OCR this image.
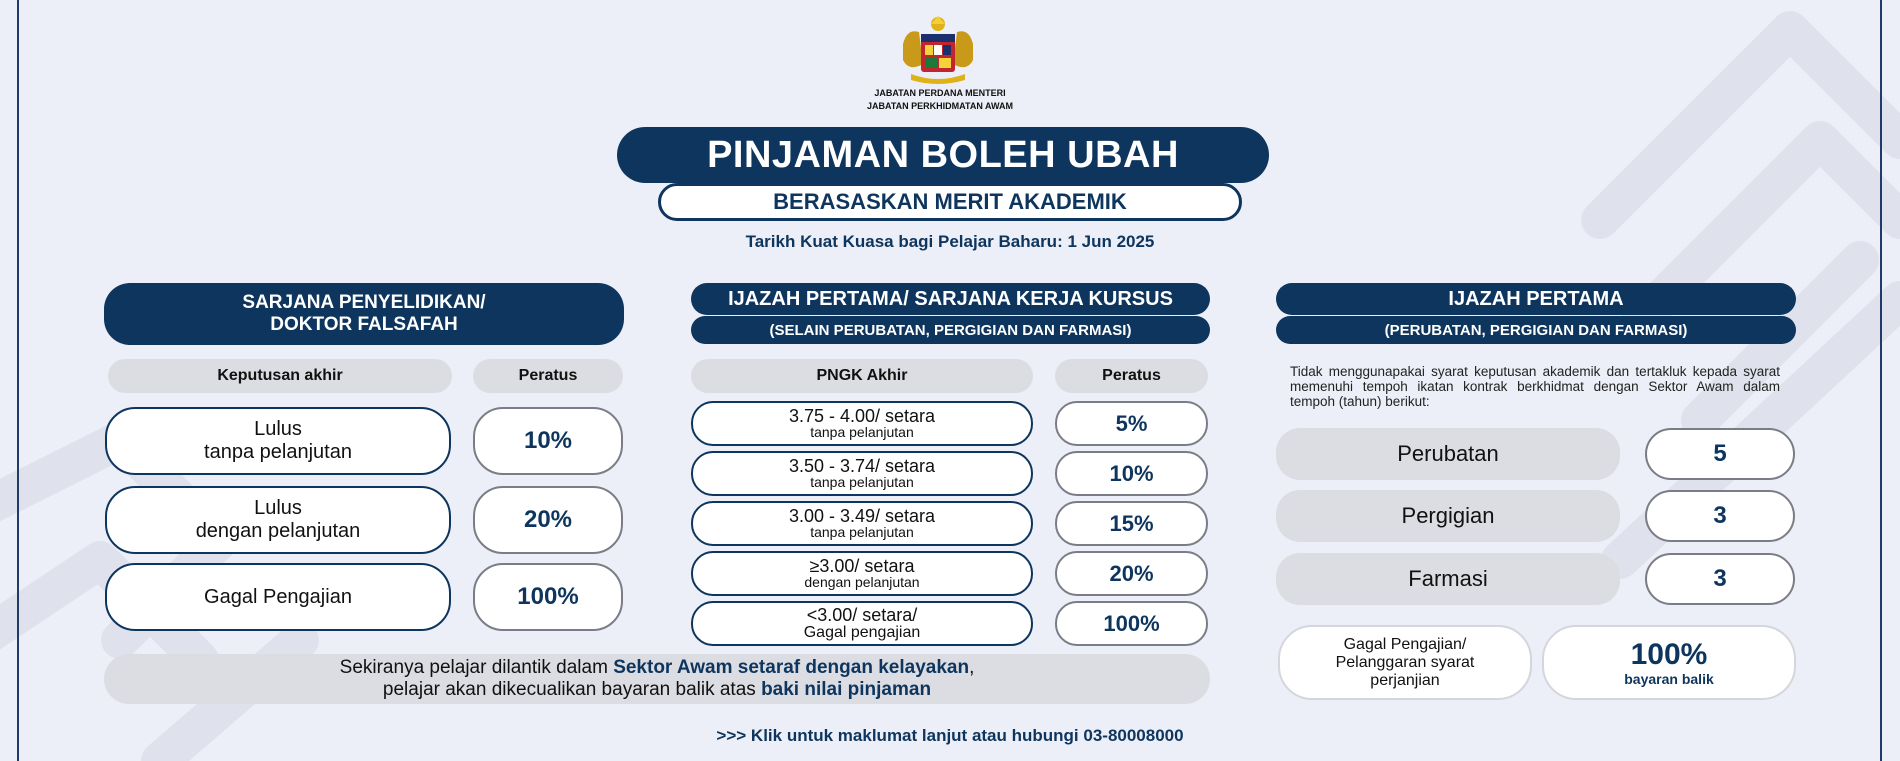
JABATAN PERDANA MENTERI
JABATAN PERKHIDMATAN AWAM
PINJAMAN BOLEH UBAH
BERASASKAN MERIT AKADEMIK
Tarikh Kuat Kuasa bagi Pelajar Baharu: 1 Jun 2025
SARJANA PENYELIDIKAN/
DOKTOR FALSAFAH
Keputusan akhir	Peratus
Lulus
tanpa pelanjutan	10%
Lulus
dengan pelanjutan	20%
Gagal Pengajian	100%
IJAZAH PERTAMA/ SARJANA KERJA KURSUS
(SELAIN PERUBATAN, PERGIGIAN DAN FARMASI)
PNGK Akhir	Peratus
3.75 - 4.00/ setara
tanpa pelanjutan	5%
3.50 - 3.74/ setara
tanpa pelanjutan	10%
3.00 - 3.49/ setara
tanpa pelanjutan	15%
≥3.00/ setara
dengan pelanjutan	20%
<3.00/ setara/
Gagal pengajian	100%
Sekiranya pelajar dilantik dalam Sektor Awam setaraf dengan kelayakan,
pelajar akan dikecualikan bayaran balik atas baki nilai pinjaman
IJAZAH PERTAMA
(PERUBATAN, PERGIGIAN DAN FARMASI)
Tidak menggunapakai syarat keputusan akademik dan tertakluk kepada syarat memenuhi tempoh ikatan kontrak berkhidmat dengan Sektor Awam dalam tempoh (tahun) berikut:
Perubatan	5
Pergigian	3
Farmasi	3
Gagal Pengajian/
Pelanggaran syarat
perjanjian
100%
bayaran balik
>>> Klik untuk maklumat lanjut atau hubungi 03-80008000
